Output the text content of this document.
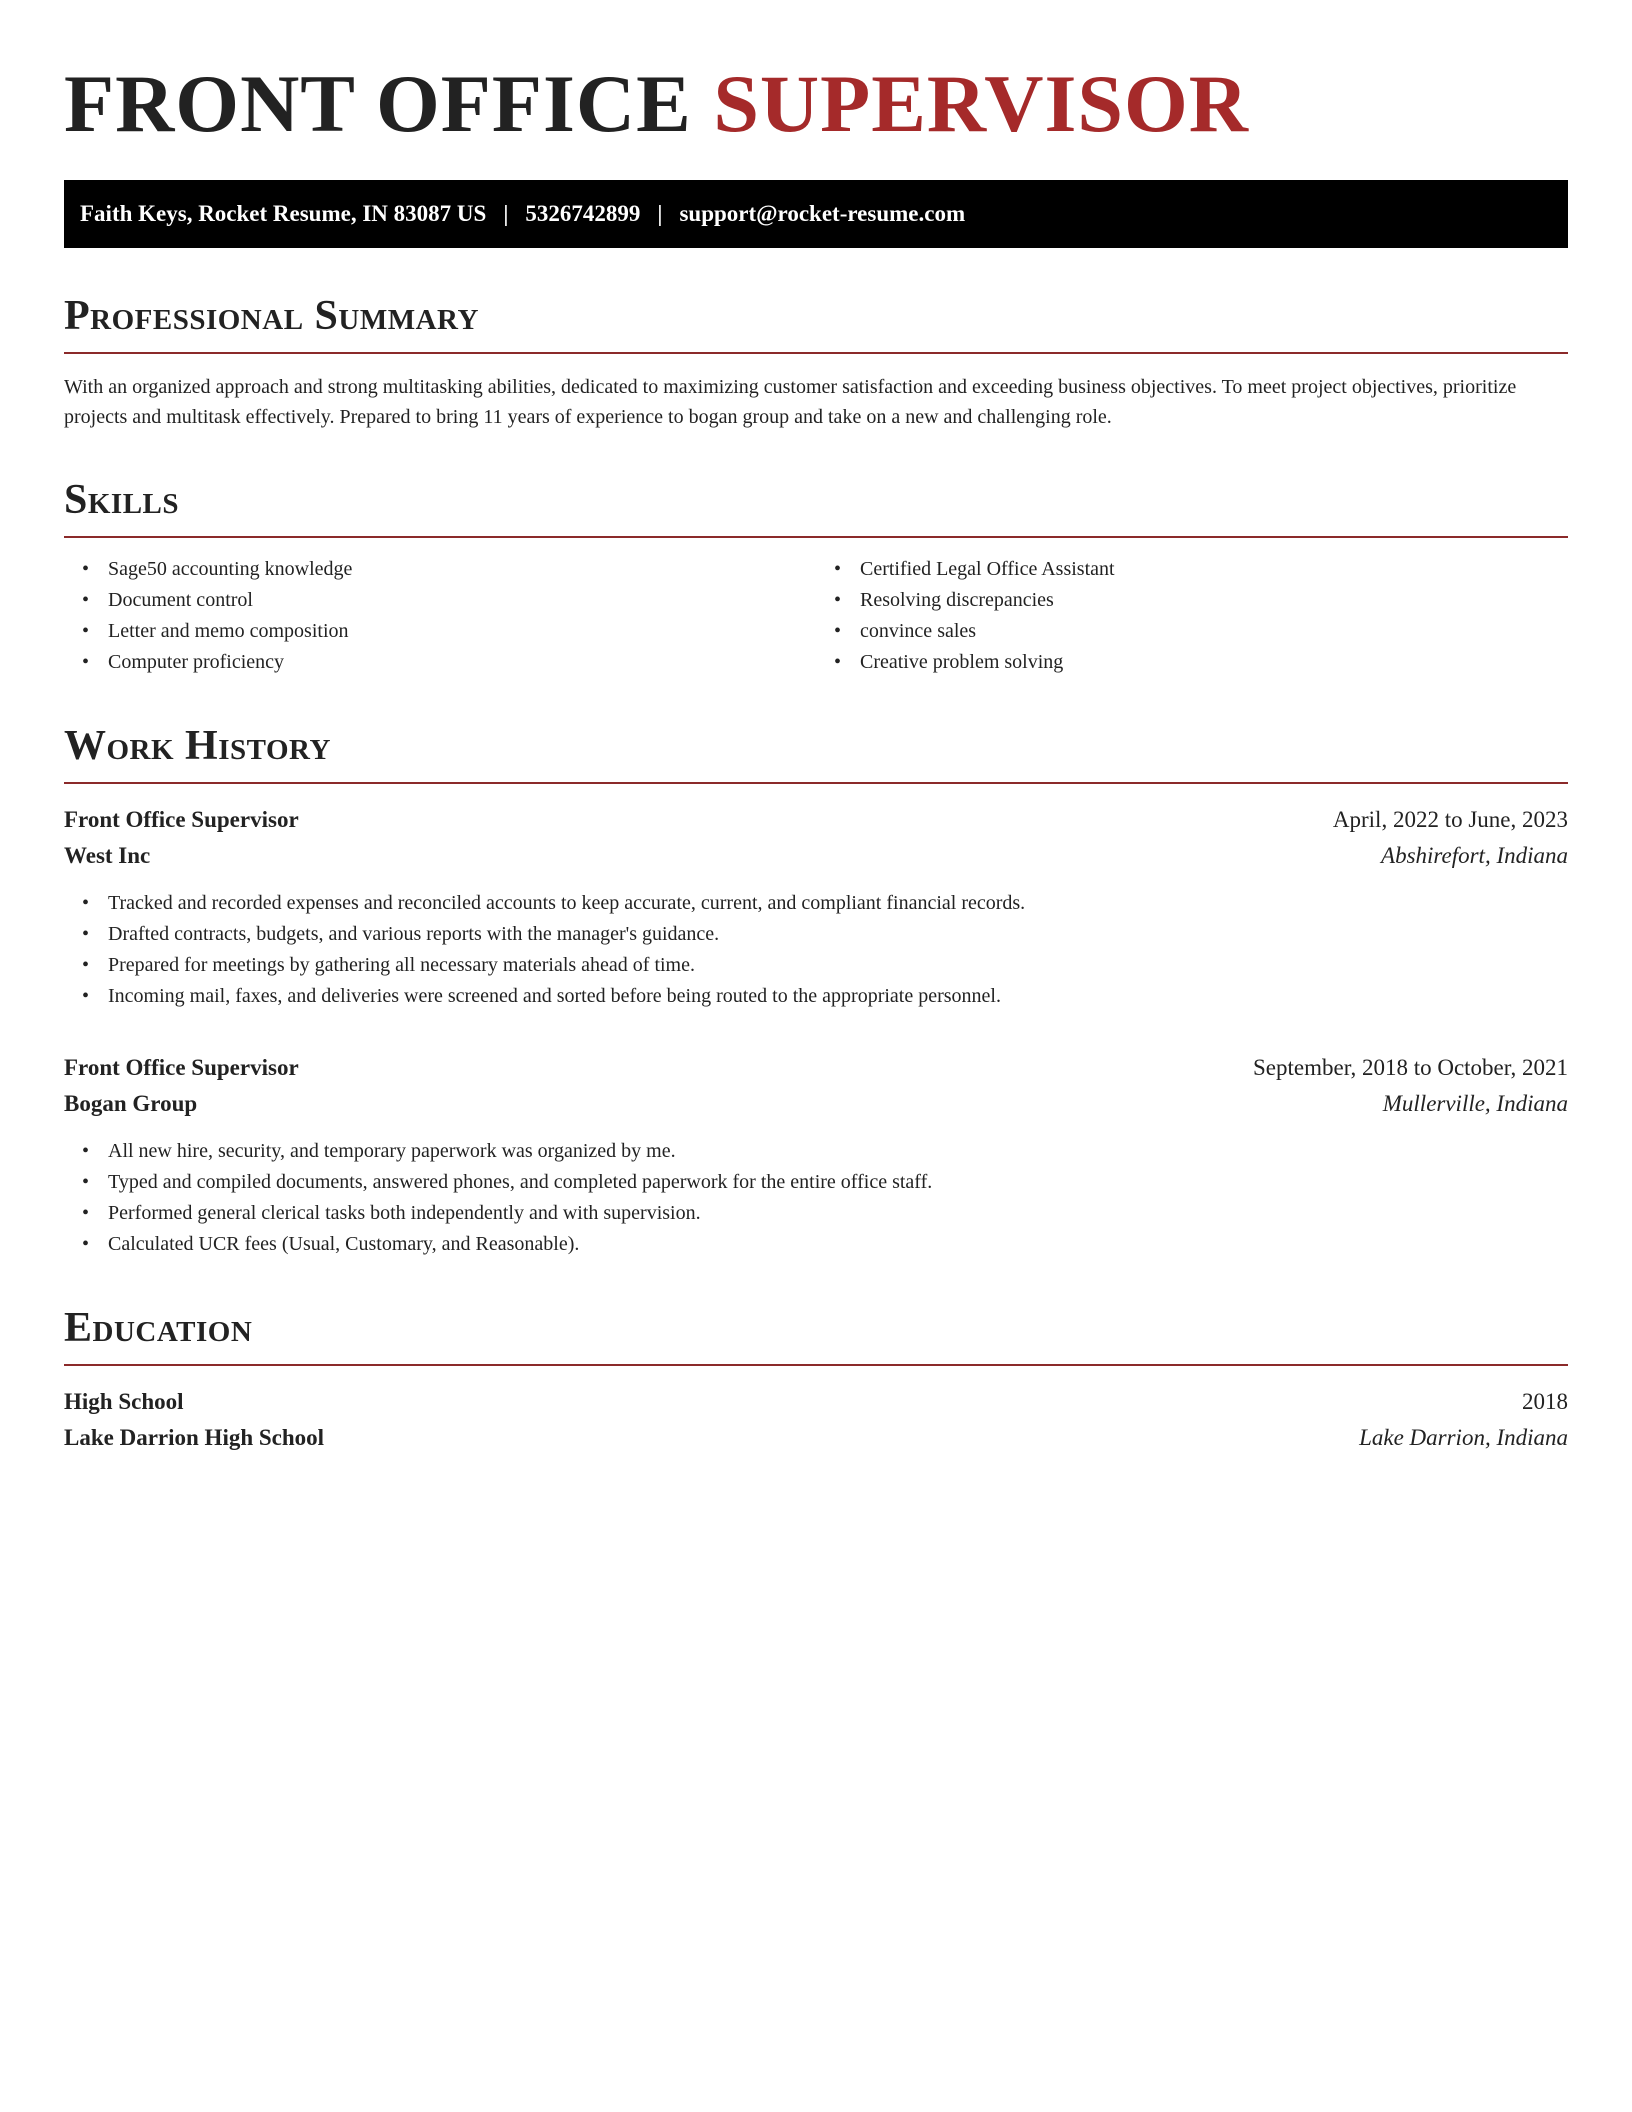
FRONT OFFICE SUPERVISOR
Faith Keys, Rocket Resume, IN 83087 US | 5326742899 | support@rocket-resume.com
Professional Summary

With an organized approach and strong multitasking abilities, dedicated to maximizing customer satisfaction and exceeding business objectives. To meet project objectives, prioritize projects and multitask effectively. Prepared to bring 11 years of experience to bogan group and take on a new and challenging role.

Skills
• Sage50 accounting knowledge
• Document control
• Letter and memo composition
• Computer proficiency
• Certified Legal Office Assistant
• Resolving discrepancies
• convince sales
• Creative problem solving
Work History
Front Office Supervisor	April, 2022 to June, 2023
West Inc	Abshirefort, Indiana
• Tracked and recorded expenses and reconciled accounts to keep accurate, current, and compliant financial records.
• Drafted contracts, budgets, and various reports with the manager's guidance.
• Prepared for meetings by gathering all necessary materials ahead of time.
• Incoming mail, faxes, and deliveries were screened and sorted before being routed to the appropriate personnel.
Front Office Supervisor	September, 2018 to October, 2021
Bogan Group	Mullerville, Indiana
• All new hire, security, and temporary paperwork was organized by me.
• Typed and compiled documents, answered phones, and completed paperwork for the entire office staff.
• Performed general clerical tasks both independently and with supervision.
• Calculated UCR fees (Usual, Customary, and Reasonable).
Education
High School	2018
Lake Darrion High School	Lake Darrion, Indiana
